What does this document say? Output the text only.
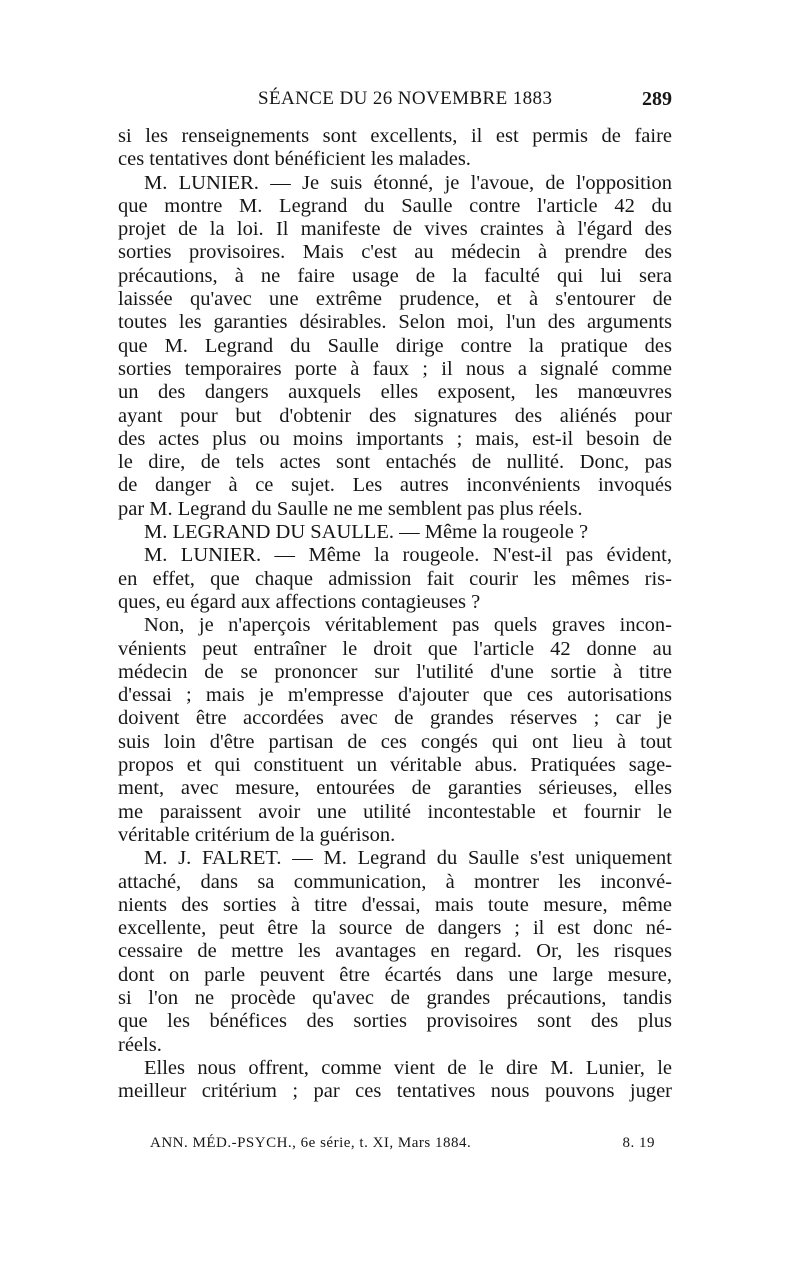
SÉANCE DU 26 NOVEMBRE 1883	289
si les renseignements sont excellents, il est permis de faire
ces tentatives dont bénéficient les malades.
M. LUNIER. — Je suis étonné, je l'avoue, de l'opposition
que montre M. Legrand du Saulle contre l'article 42 du
projet de la loi. Il manifeste de vives craintes à l'égard des
sorties provisoires. Mais c'est au médecin à prendre des
précautions, à ne faire usage de la faculté qui lui sera
laissée qu'avec une extrême prudence, et à s'entourer de
toutes les garanties désirables. Selon moi, l'un des arguments
que M. Legrand du Saulle dirige contre la pratique des
sorties temporaires porte à faux ; il nous a signalé comme
un des dangers auxquels elles exposent, les manœuvres
ayant pour but d'obtenir des signatures des aliénés pour
des actes plus ou moins importants ; mais, est-il besoin de
le dire, de tels actes sont entachés de nullité. Donc, pas
de danger à ce sujet. Les autres inconvénients invoqués
par M. Legrand du Saulle ne me semblent pas plus réels.
M. LEGRAND DU SAULLE. — Même la rougeole ?
M. LUNIER. — Même la rougeole. N'est-il pas évident,
en effet, que chaque admission fait courir les mêmes ris-
ques, eu égard aux affections contagieuses ?
Non, je n'aperçois véritablement pas quels graves incon-
vénients peut entraîner le droit que l'article 42 donne au
médecin de se prononcer sur l'utilité d'une sortie à titre
d'essai ; mais je m'empresse d'ajouter que ces autorisations
doivent être accordées avec de grandes réserves ; car je
suis loin d'être partisan de ces congés qui ont lieu à tout
propos et qui constituent un véritable abus. Pratiquées sage-
ment, avec mesure, entourées de garanties sérieuses, elles
me paraissent avoir une utilité incontestable et fournir le
véritable critérium de la guérison.
M. J. FALRET. — M. Legrand du Saulle s'est uniquement
attaché, dans sa communication, à montrer les inconvé-
nients des sorties à titre d'essai, mais toute mesure, même
excellente, peut être la source de dangers ; il est donc né-
cessaire de mettre les avantages en regard. Or, les risques
dont on parle peuvent être écartés dans une large mesure,
si l'on ne procède qu'avec de grandes précautions, tandis
que les bénéfices des sorties provisoires sont des plus
réels.
Elles nous offrent, comme vient de le dire M. Lunier, le
meilleur critérium ; par ces tentatives nous pouvons juger
ANN. MÉD.-PSYCH., 6e série, t. XI, Mars 1884.	8. 19
